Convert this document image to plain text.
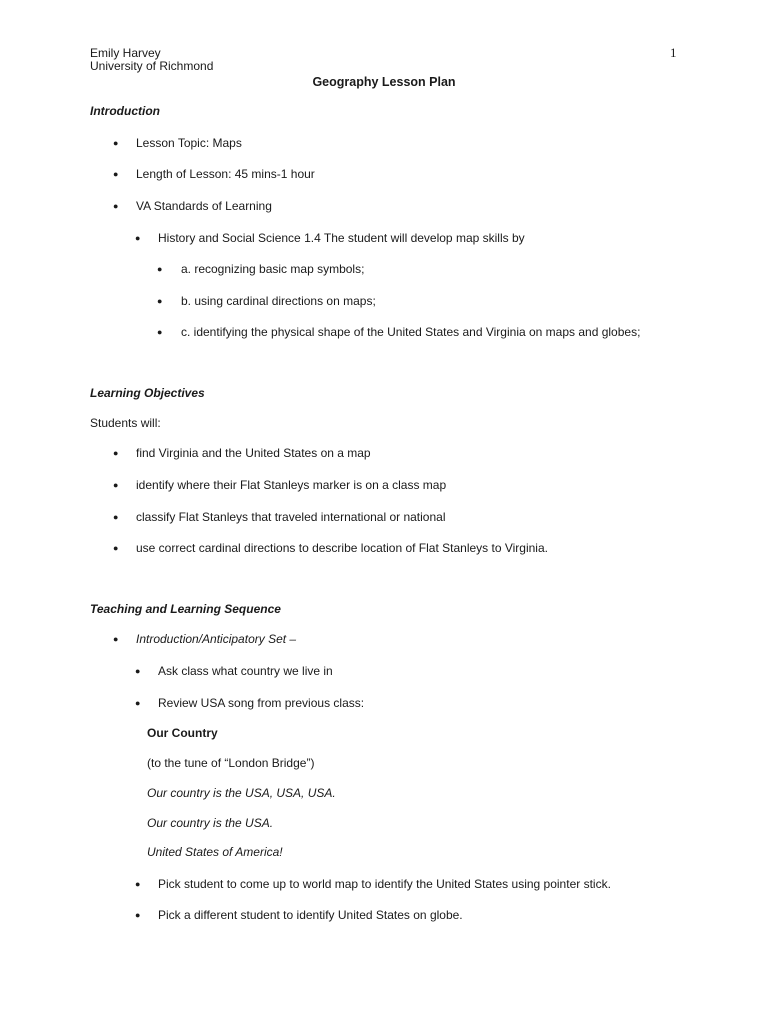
Emily Harvey
University of Richmond
1
Geography Lesson Plan
Introduction
● Lesson Topic: Maps
● Length of Lesson: 45 mins-1 hour
● VA Standards of Learning
● History and Social Science 1.4 The student will develop map skills by
● a. recognizing basic map symbols;
● b. using cardinal directions on maps;
● c. identifying the physical shape of the United States and Virginia on maps and globes;
Learning Objectives
Students will:
● find Virginia and the United States on a map
● identify where their Flat Stanleys marker is on a class map
● classify Flat Stanleys that traveled international or national
● use correct cardinal directions to describe location of Flat Stanleys to Virginia.
Teaching and Learning Sequence
● Introduction/Anticipatory Set –
● Ask class what country we live in
● Review USA song from previous class:
Our Country
(to the tune of “London Bridge”)
Our country is the USA, USA, USA.
Our country is the USA.
United States of America!
● Pick student to come up to world map to identify the United States using pointer stick.
● Pick a different student to identify United States on globe.
